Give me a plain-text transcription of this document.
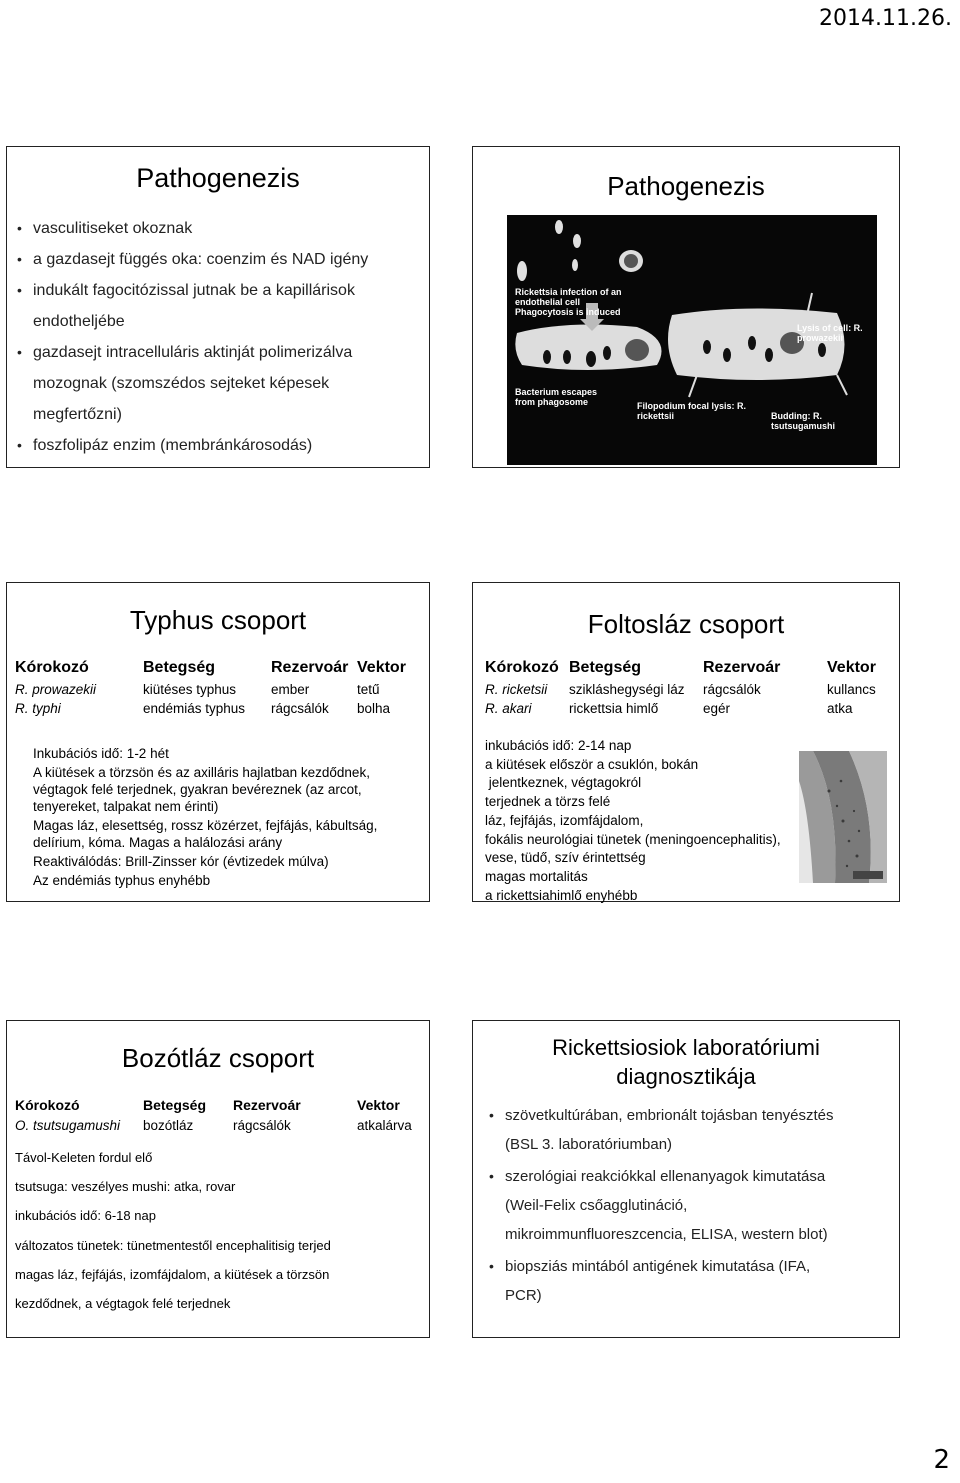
2014.11.26.
Pathogenezis
• vasculitiseket okoznak
• a gazdasejt függés oka: coenzim és NAD igény
• indukált fagocitózissal jutnak be a kapillárisok endotheljébe
• gazdasejt intracelluláris aktinját polimerizálva mozognak (szomszédos sejteket képesek megfertőzni)
• foszfolipáz enzim (membránkárosodás)
Pathogenezis
Rickettsia infection of an endothelial cell Phagocytosis is induced
Lysis of cell: R. prowazekii
Bacterium escapes from phagosome	Filopodium focal lysis: R. rickettsii	Budding: R. tsutsugamushi
Typhus csoport
Kórokozó	Betegség	Rezervoár	Vektor
R. prowazekii	kiütéses typhus	ember	tetű
R. typhi	endémiás typhus	rágcsálók	bolha

Inkubációs idő: 1-2 hét

A kiütések a törzsön és az axilláris hajlatban kezdődnek, végtagok felé terjednek, gyakran bevéreznek (az arcot, tenyereket, talpakat nem érinti)

Magas láz, elesettség, rossz közérzet, fejfájás, kábultság, delírium, kóma. Magas a halálozási arány

Reaktiválódás: Brill-Zinsser kór (évtizedek múlva)

Az endémiás typhus enyhébb

Foltosláz csoport
Kórokozó	Betegség	Rezervoár	Vektor
R. ricketsii	szikláshegységi láz	rágcsálók	kullancs
R. akari	rickettsia himlő	egér	atka
inkubációs idő: 2-14 nap
a kiütések először a csuklón, bokán
jelentkeznek, végtagokról
terjednek a törzs felé
láz, fejfájás, izomfájdalom,
fokális neurológiai tünetek (meningoencephalitis),
vese, tüdő, szív érintettség
magas mortalitás
a rickettsiahimlő enyhébb
Bozótláz csoport
Kórokozó	Betegség	Rezervoár	Vektor
O. tsutsugamushi	bozótláz	rágcsálók	atkalárva
Távol-Keleten fordul elő
tsutsuga: veszélyes mushi: atka, rovar
inkubációs idő: 6-18 nap
változatos tünetek: tünetmentestől encephalitisig terjed
magas láz, fejfájás, izomfájdalom, a kiütések a törzsön
kezdődnek, a végtagok felé terjednek
Rickettsiosiok laboratóriumi diagnosztikája
• szövetkultúrában, embrionált tojásban tenyésztés
(BSL 3. laboratóriumban)
• szerológiai reakciókkal ellenanyagok kimutatása
(Weil-Felix csőagglutináció,
mikroimmunfluoreszcencia, ELISA, western blot)
• biopsziás mintából antigének kimutatása (IFA,
PCR)
2
